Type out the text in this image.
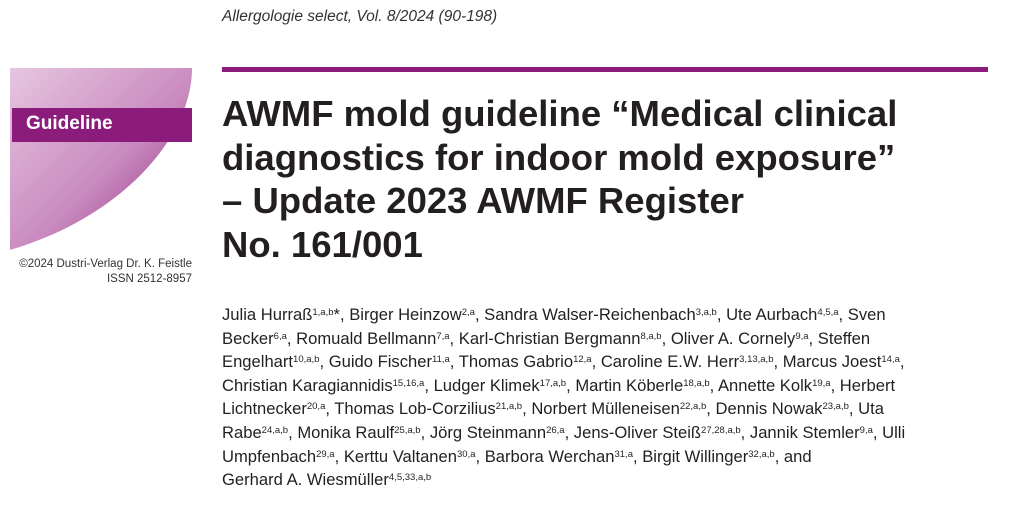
Allergologie select, Vol. 8/2024 (90-198)
Guideline
©2024 Dustri-Verlag Dr. K. Feistle
ISSN 2512-8957
AWMF mold guideline “Medical clinical
diagnostics for indoor mold exposure”
– Update 2023 AWMF Register
No. 161/001
Julia Hurraß$^{1,a,b}$*, Birger Heinzow$^{2,a}$, Sandra Walser-Reichenbach$^{3,a,b}$, Ute Aurbach$^{4,5,a}$, Sven
Becker$^{6,a}$, Romuald Bellmann$^{7,a}$, Karl-Christian Bergmann$^{8,a,b}$, Oliver A. Cornely$^{9,a}$, Steffen
Engelhart$^{10,a,b}$, Guido Fischer$^{11,a}$, Thomas Gabrio$^{12,a}$, Caroline E.W. Herr$^{3,13,a,b}$, Marcus Joest$^{14,a}$,
Christian Karagiannidis$^{15,16,a}$, Ludger Klimek$^{17,a,b}$, Martin Köberle$^{18,a,b}$, Annette Kolk$^{19,a}$, Herbert
Lichtnecker$^{20,a}$, Thomas Lob-Corzilius$^{21,a,b}$, Norbert Mülleneisen$^{22,a,b}$, Dennis Nowak$^{23,a,b}$, Uta
Rabe$^{24,a,b}$, Monika Raulf$^{25,a,b}$, Jörg Steinmann$^{26,a}$, Jens-Oliver Steiß$^{27,28,a,b}$, Jannik Stemler$^{9,a}$, Ulli
Umpfenbach$^{29,a}$, Kerttu Valtanen$^{30,a}$, Barbora Werchan$^{31,a}$, Birgit Willinger$^{32,a,b}$, and
Gerhard A. Wiesmüller$^{4,5,33,a,b}$
